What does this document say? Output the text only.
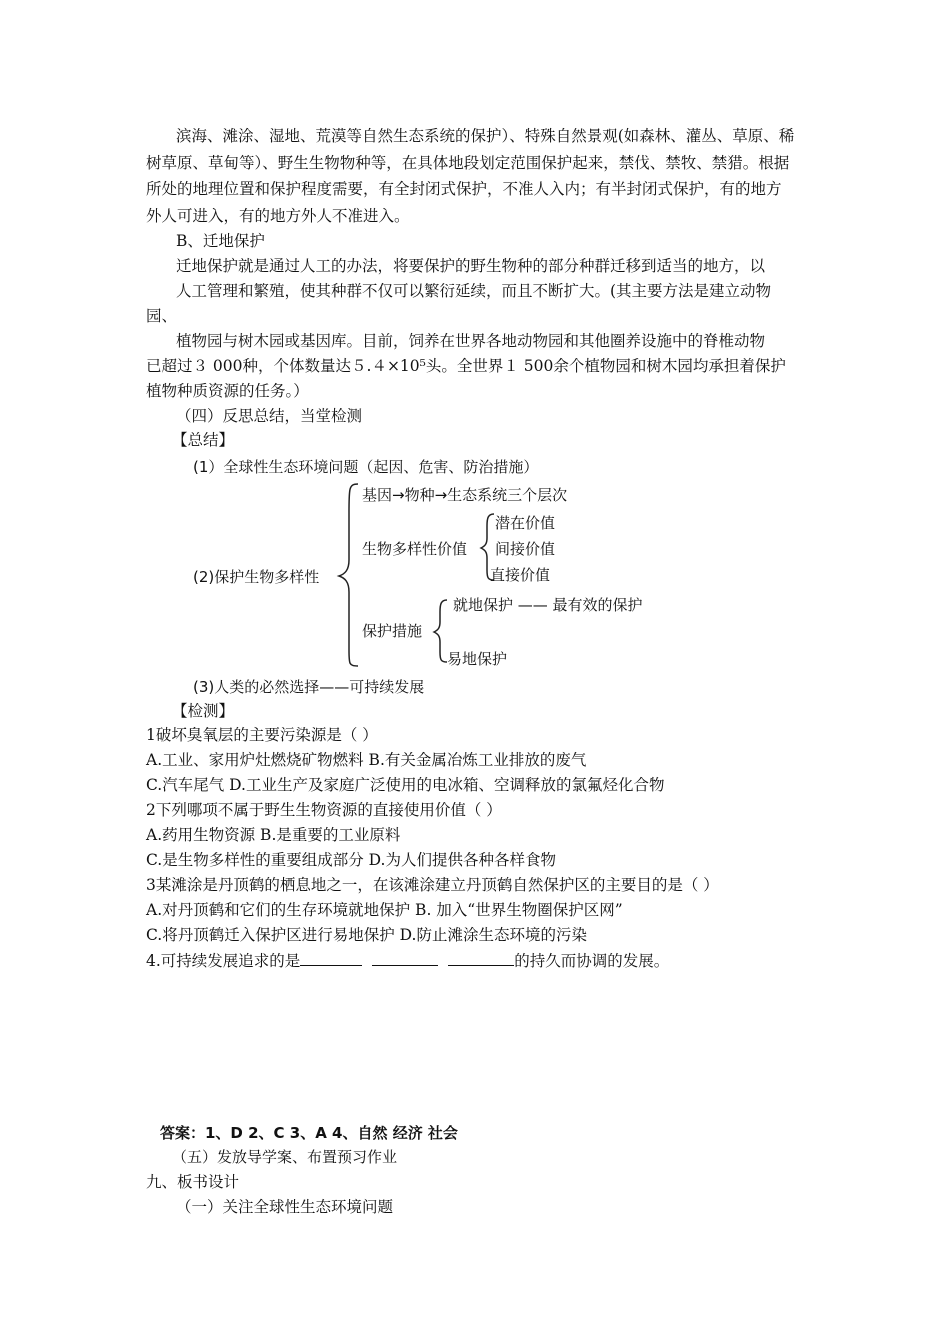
滨海、滩涂、湿地、荒漠等自然生态系统的保护）、特殊自然景观(如森林、灌丛、草原、稀
树草原、草甸等）、野生生物物种等，在具体地段划定范围保护起来，禁伐、禁牧、禁猎。根据
所处的地理位置和保护程度需要，有全封闭式保护，不准人入内；有半封闭式保护，有的地方
外人可进入，有的地方外人不准进入。
B、迁地保护
迁地保护就是通过人工的办法，将要保护的野生物种的部分种群迁移到适当的地方，以
人工管理和繁殖，使其种群不仅可以繁衍延续，而且不断扩大。(其主要方法是建立动物
园、
植物园与树木园或基因库。目前，饲养在世界各地动物园和其他圈养设施中的脊椎动物
已超过３ 000种，个体数量达５.４×10⁵头。全世界１ 500余个植物园和树木园均承担着保护
植物种质资源的任务。）
（四）反思总结，当堂检测
【总结】
(1）全球性生态环境问题（起因、危害、防治措施）
基因→物种→生态系统三个层次
生物多样性价值
潜在价值
间接价值
直接价值
(2)保护生物多样性
保护措施
就地保护 —— 最有效的保护
易地保护
(3)人类的必然选择——可持续发展
【检测】
1破坏臭氧层的主要污染源是（ ）
A.工业、家用炉灶燃烧矿物燃料 B.有关金属冶炼工业排放的废气
C.汽车尾气 D.工业生产及家庭广泛使用的电冰箱、空调释放的氯氟烃化合物
2下列哪项不属于野生生物资源的直接使用价值（ ）
A.药用生物资源 B.是重要的工业原料
C.是生物多样性的重要组成部分 D.为人们提供各种各样食物
3某滩涂是丹顶鹤的栖息地之一，在该滩涂建立丹顶鹤自然保护区的主要目的是（ ）
A.对丹顶鹤和它们的生存环境就地保护 B. 加入“世界生物圈保护区网”
C.将丹顶鹤迁入保护区进行易地保护 D.防止滩涂生态环境的污染
4.可持续发展追求的是	的持久而协调的发展。
答案：1、D 2、C 3、A 4、自然 经济 社会
（五）发放导学案、布置预习作业
九、板书设计
（一）关注全球性生态环境问题
